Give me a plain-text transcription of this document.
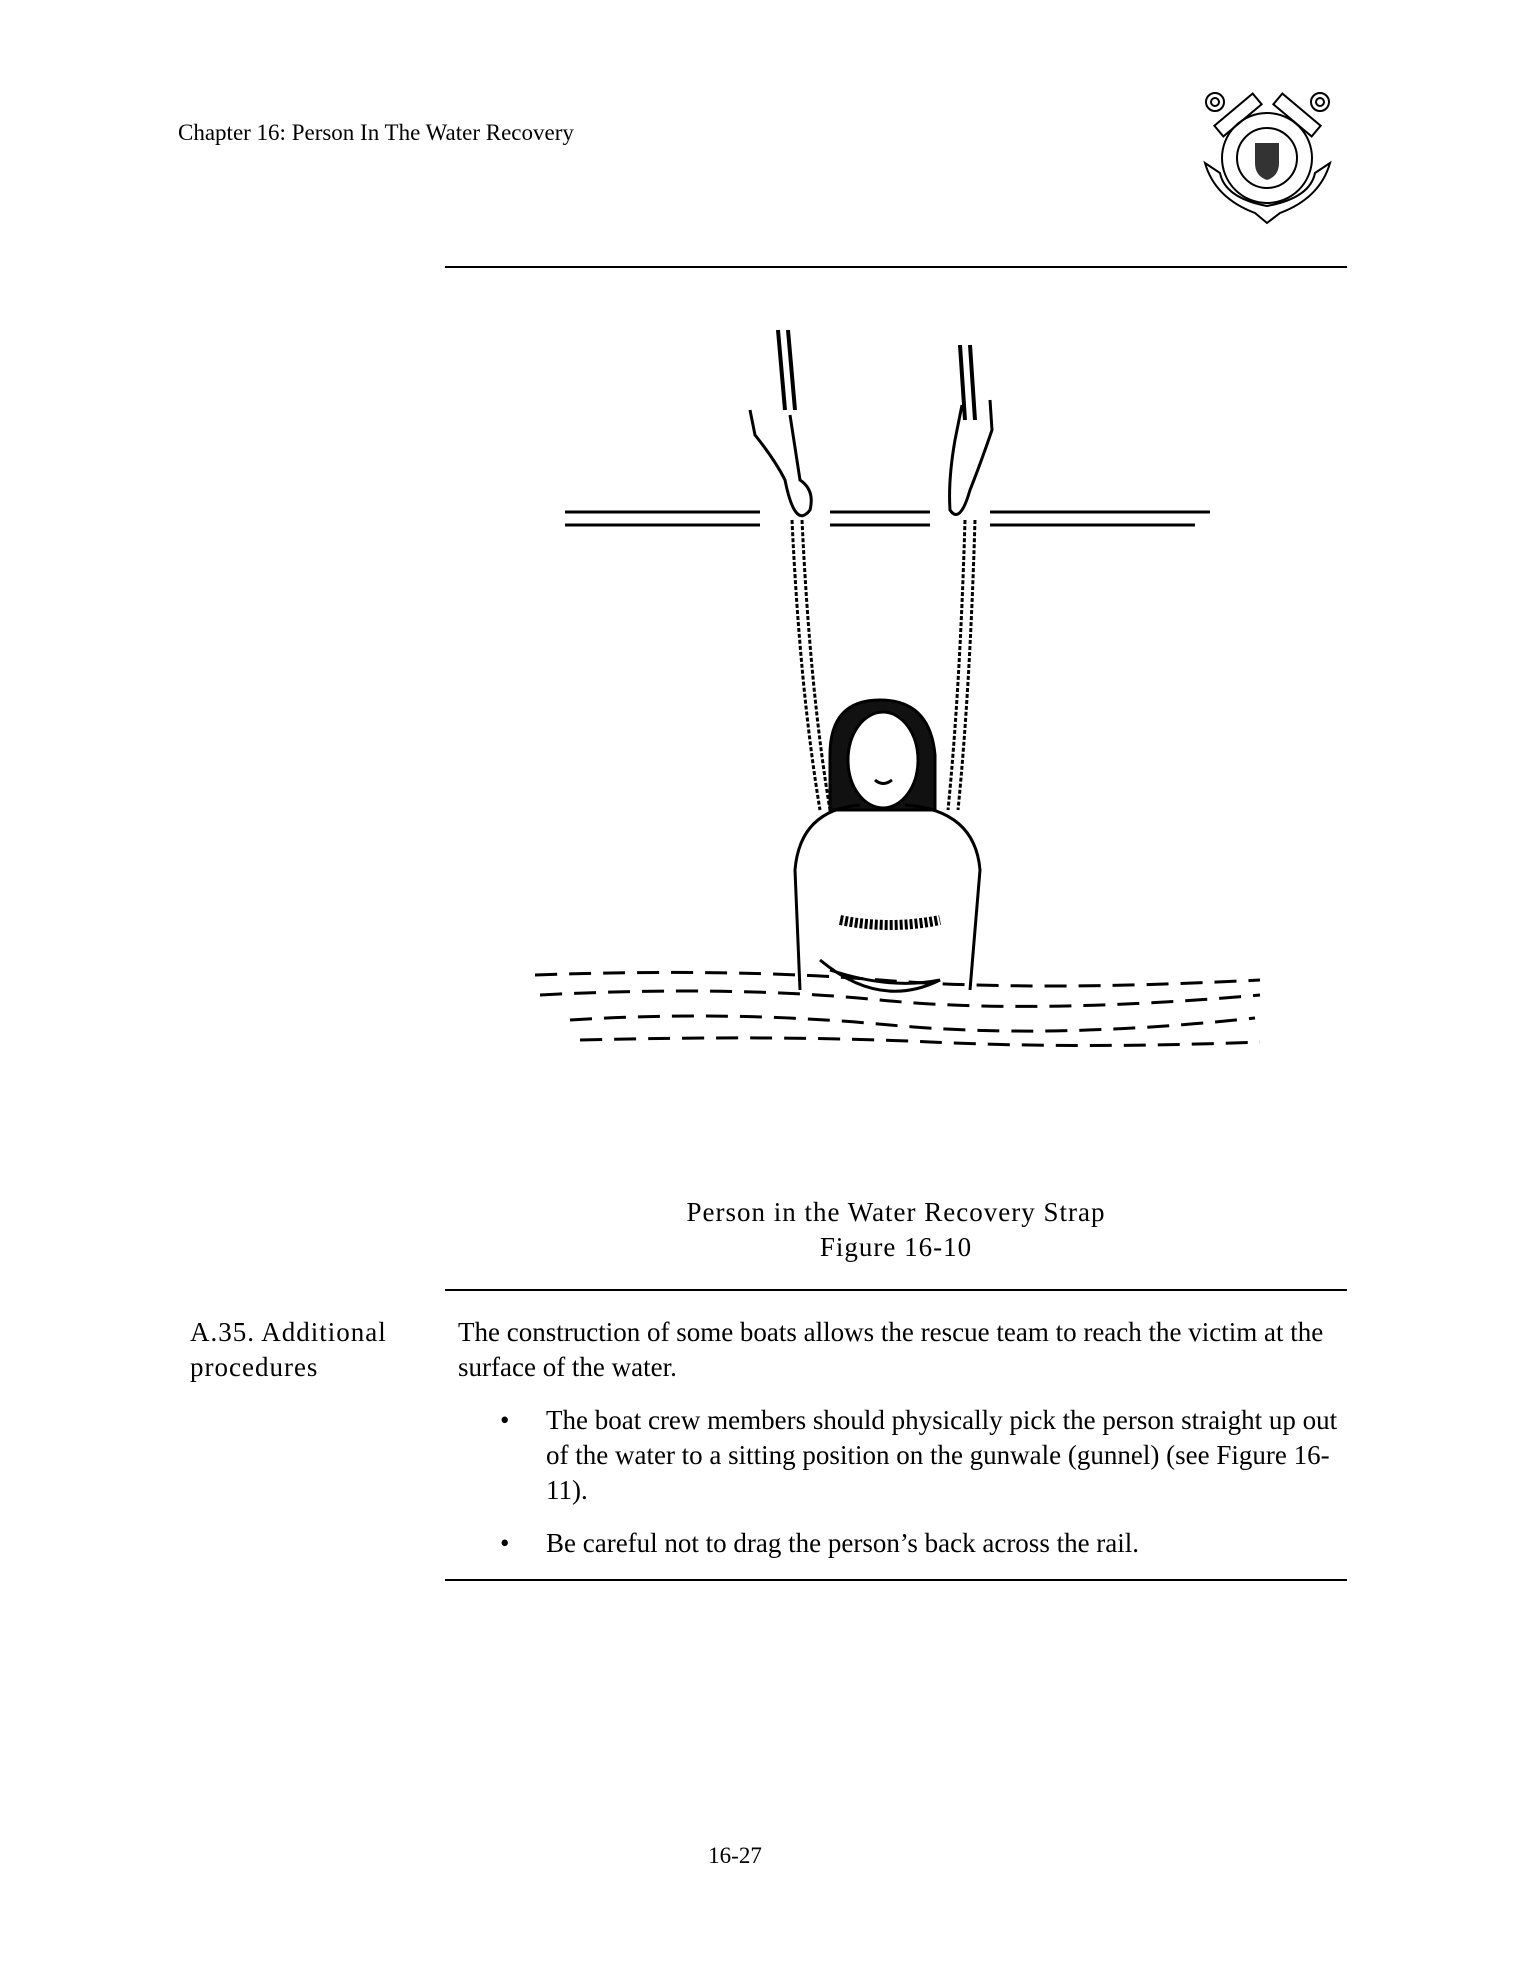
Chapter 16: Person In The Water Recovery
Person in the Water Recovery Strap
Figure 16-10
A.35. Additional procedures

The construction of some boats allows the rescue team to reach the victim at the surface of the water.

• The boat crew members should physically pick the person straight up out of the water to a sitting position on the gunwale (gunnel) (see Figure 16-11).
• Be careful not to drag the person’s back across the rail.
16-27
